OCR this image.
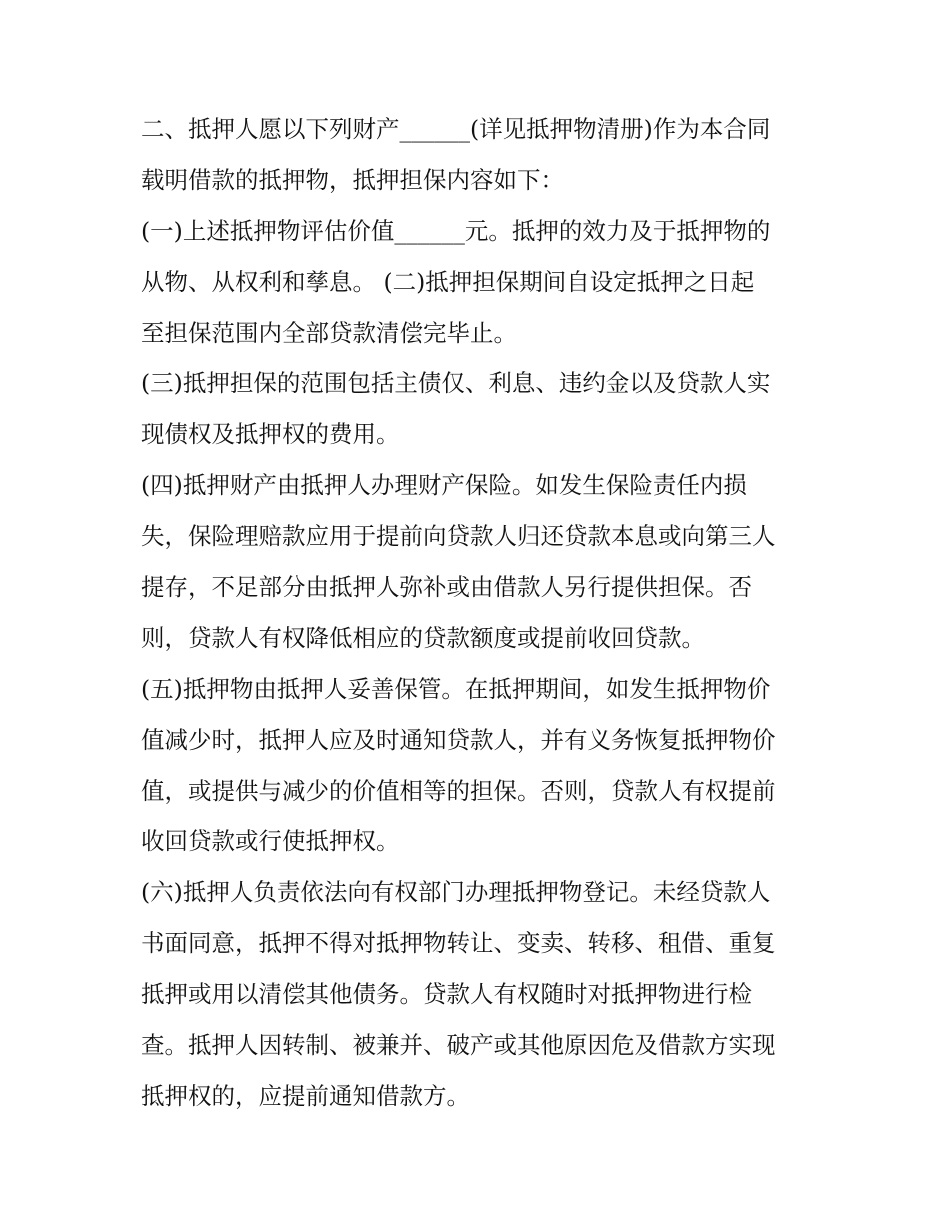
二、抵押人愿以下列财产______(详见抵押物清册)作为本合同
载明借款的抵押物，抵押担保内容如下：
(一)上述抵押物评估价值______元。抵押的效力及于抵押物的
从物、从权利和孳息。 (二)抵押担保期间自设定抵押之日起
至担保范围内全部贷款清偿完毕止。
(三)抵押担保的范围包括主债仅、利息、违约金以及贷款人实
现债权及抵押权的费用。
(四)抵押财产由抵押人办理财产保险。如发生保险责任内损
失，保险理赔款应用于提前向贷款人归还贷款本息或向第三人
提存，不足部分由抵押人弥补或由借款人另行提供担保。否
则，贷款人有权降低相应的贷款额度或提前收回贷款。
(五)抵押物由抵押人妥善保管。在抵押期间，如发生抵押物价
值减少时，抵押人应及时通知贷款人，并有义务恢复抵押物价
值，或提供与减少的价值相等的担保。否则，贷款人有权提前
收回贷款或行使抵押权。
(六)抵押人负责依法向有权部门办理抵押物登记。未经贷款人
书面同意，抵押不得对抵押物转让、变卖、转移、租借、重复
抵押或用以清偿其他债务。贷款人有权随时对抵押物进行检
查。抵押人因转制、被兼并、破产或其他原因危及借款方实现
抵押权的，应提前通知借款方。
